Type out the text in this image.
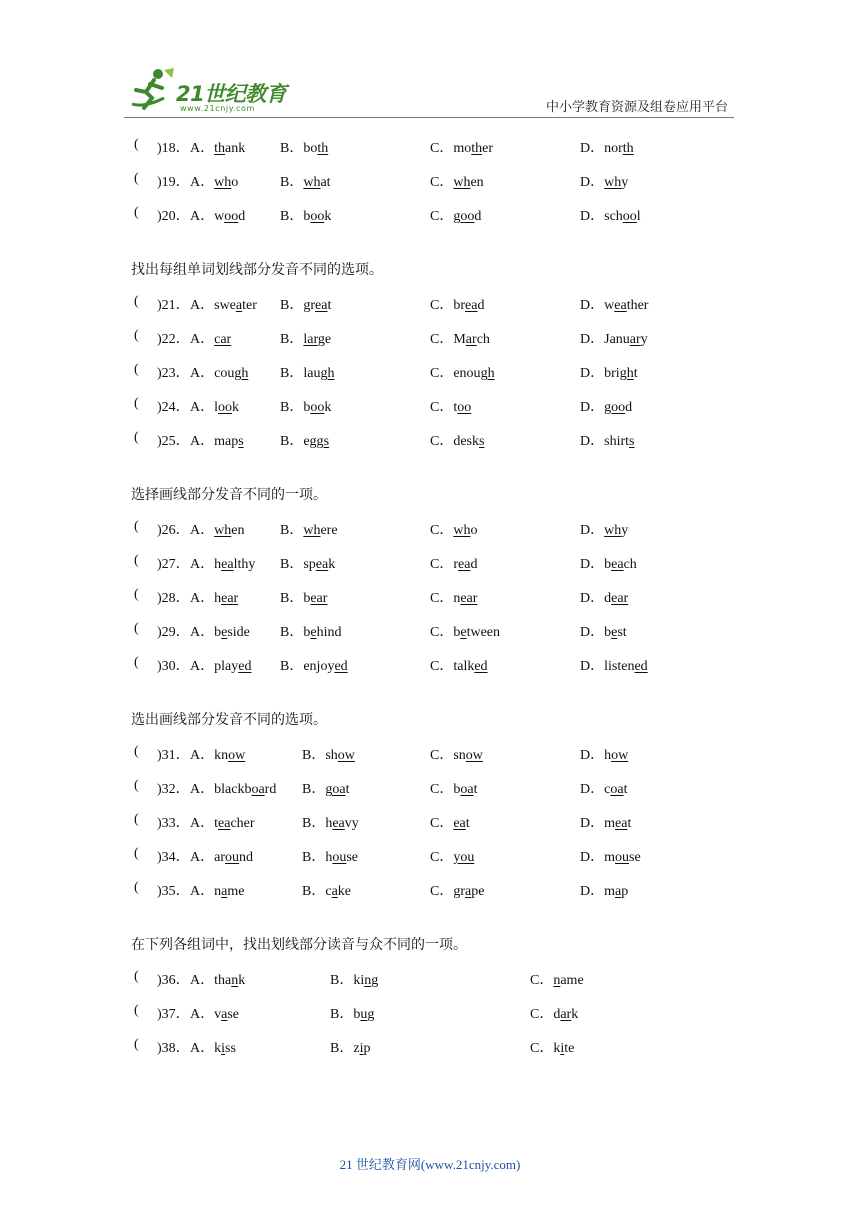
21世纪教育
www.21cnjy.com	中小学教育资源及组卷应用平台
( )18． A．thank B．both	C．mother	D．north
( )19． A．who	B．what	C．when	D．why
( )20． A．wood B．book	C．good	D．school
找出每组单词划线部分发音不同的选项。
( )21． A．sweater B．great	C．bread	D．weather
( )22． A．car	B．large	C．March	D．January
( )23． A．cough B．laugh	C．enough	D．bright
( )24． A．look	B．book	C．too	D．good
( )25． A．maps	B．eggs	C．desks	D．shirts
选择画线部分发音不同的一项。
( )26． A．when	B．where	C．who	D．why
( )27． A．healthy B．speak	C．read	D．beach
( )28． A．hear	B．bear	C．near	D．dear
( )29． A．beside B．behind	C．between	D．best
( )30． A．played B．enjoyed	C．talked	D．listened
选出画线部分发音不同的选项。
( )31． A．know	B．show	C．snow	D．how
( )32． A．blackboard B．goat	C．boat	D．coat
( )33． A．teacher	B．heavy	C．eat	D．meat
( )34． A．around	B．house	C．you	D．mouse
( )35． A．name	B．cake	C．grape	D．map
在下列各组词中，找出划线部分读音与众不同的一项。
( )36． A．thank	B．king	C．name
( )37． A．vase	B．bug	C．dark
( )38． A．kiss	B．zip	C．kite
21 世纪教育网(www.21cnjy.com)
